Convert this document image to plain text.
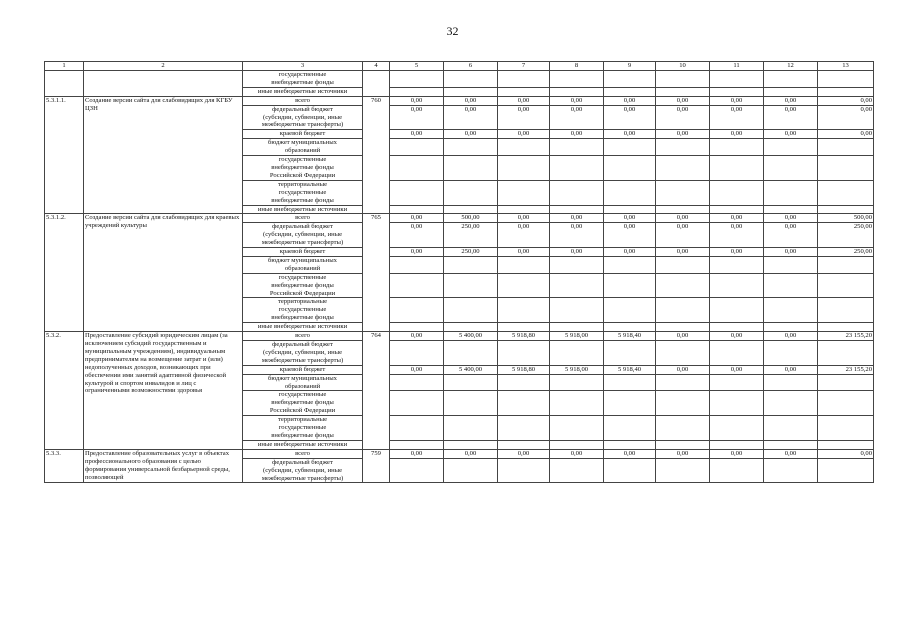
32
1	2	3	4	5	6	7	8	9	10	11	12	13
		государственные
внебюджетные фонды										
		иные внебюджетные источники										
5.3.1.1.	Создание версии сайта для слабовидящих для КГБУ ЦЗН	всего	760	0,00	0,00	0,00	0,00	0,00	0,00	0,00	0,00	0,00
		федеральный бюджет
(субсидии, субвенции, иные
межбюджетные трансферты)		0,00	0,00	0,00	0,00	0,00	0,00	0,00	0,00	0,00
		краевой бюджет		0,00	0,00	0,00	0,00	0,00	0,00	0,00	0,00	0,00
		бюджет муниципальных
образований										
		государственные
внебюджетные фонды
Российской Федерации										
		территориальные
государственные
внебюджетные фонды										
		иные внебюджетные источники										
5.3.1.2.	Создание версии сайта для слабовидящих для краевых учреждений культуры	всего	765	0,00	500,00	0,00	0,00	0,00	0,00	0,00	0,00	500,00
		федеральный бюджет
(субсидии, субвенции, иные
межбюджетные трансферты)		0,00	250,00	0,00	0,00	0,00	0,00	0,00	0,00	250,00
		краевой бюджет		0,00	250,00	0,00	0,00	0,00	0,00	0,00	0,00	250,00
		бюджет муниципальных
образований										
		государственные
внебюджетные фонды
Российской Федерации										
		территориальные
государственные
внебюджетные фонды										
		иные внебюджетные источники										
5.3.2.	Предоставление субсидий юридическим лицам (за исключением субсидий государственным и муниципальным учреждениям), индивидуальным предпринимателям на возмещение затрат и (или) недополученных доходов, возникающих при обеспечении ими занятий адаптивной физической культурой и спортом инвалидов и лиц с ограниченными возможностями здоровья	всего	764	0,00	5 400,00	5 918,80	5 918,00	5 918,40	0,00	0,00	0,00	23 155,20
		федеральный бюджет
(субсидии, субвенции, иные
межбюджетные трансферты)										
		краевой бюджет		0,00	5 400,00	5 918,80	5 918,00	5 918,40	0,00	0,00	0,00	23 155,20
		бюджет муниципальных
образований										
		государственные
внебюджетные фонды
Российской Федерации										
		территориальные
государственные
внебюджетные фонды										
		иные внебюджетные источники										
5.3.3.	Предоставление образовательных услуг в объектах профессионального образования с целью формирования универсальной безбарьерной среды, позволяющей	всего	759	0,00	0,00	0,00	0,00	0,00	0,00	0,00	0,00	0,00
		федеральный бюджет
(субсидии, субвенции, иные
межбюджетные трансферты)										
